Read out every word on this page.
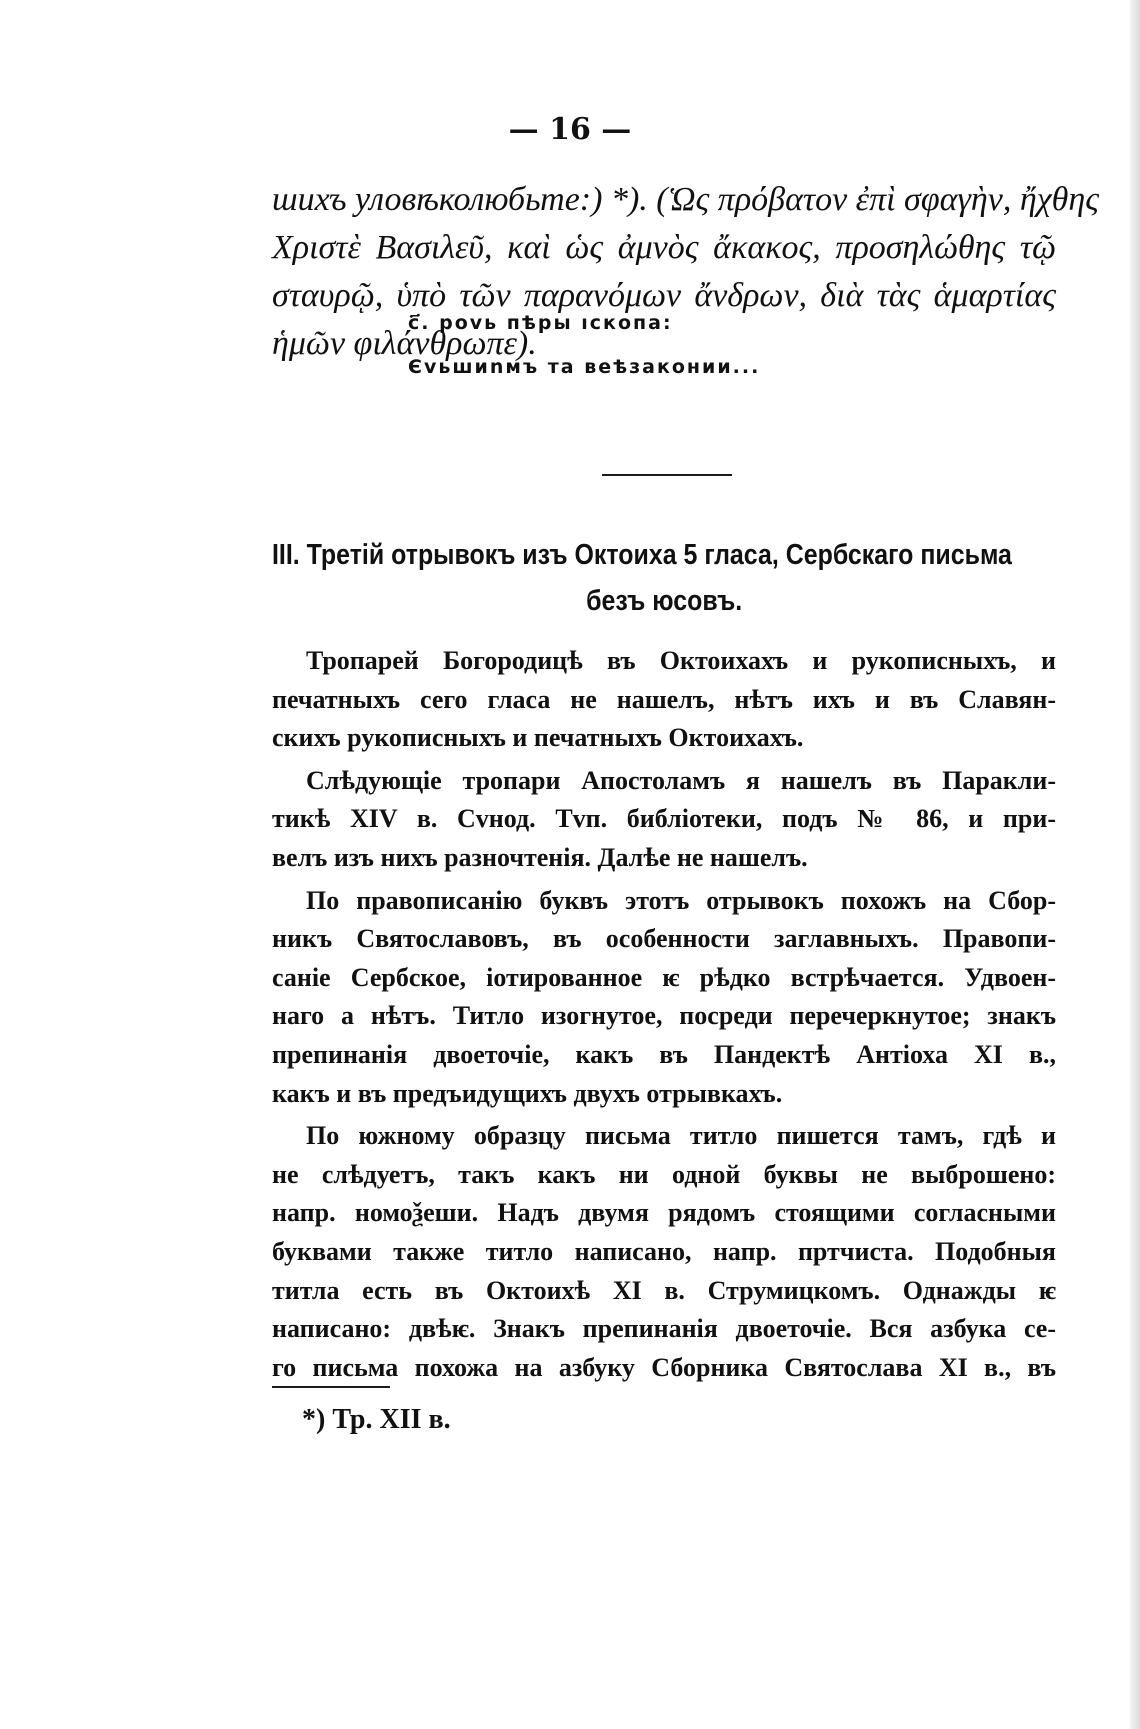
— 16 —
шихъ уловѣколюбьте:) *). (Ὡς πρόβατον ἐπὶ σφαγὴν, ἤχθης
Χριστὲ Βασιλεῦ, καὶ ὡς ἀμνὸς ἄκακος, προσηλώθης τῷ
σταυρῷ, ὑπὸ τῶν παρανόμων ἄνδρων, διὰ τὰς ἁμαρτίας
ἡμῶν φιλάνθρωπε).
с҃. роvь пѣры ıскопа:
Єvьшиnмъ тa веѣзаконии...
III. Третій отрывокъ изъ Октоиха 5 гласа, Сербскаго письма
безъ юсовъ.
Тропарей Богородицѣ въ Октоихахъ и рукописныхъ, и
печатныхъ сего гласа не нашелъ, нѣтъ ихъ и въ Славян-
скихъ рукописныхъ и печатныхъ Октоихахъ.
Слѣдующіе тропари Апостоламъ я нашелъ въ Паракли-
тикѣ XIV в. Сvнод. Тvп. библіотеки, подъ № 86, и при-
велъ изъ нихъ разночтенія. Далѣе не нашелъ.
По правописанію буквъ этотъ отрывокъ похожъ на Сбор-
никъ Святославовъ, въ особенности заглавныхъ. Правопи-
саніе Сербское, іотированное ѥ рѣдко встрѣчается. Удвоен-
наго а нѣтъ. Титло изогнутое, посреди перечеркнутое; знакъ
препинанія двоеточіе, какъ въ Пандектѣ Антіоха XI в.,
какъ и въ предъидущихъ двухъ отрывкахъ.
По южному образцу письма титло пишется тамъ, гдѣ и
не слѣдуетъ, такъ какъ ни одной буквы не выброшено:
напр. номоѯеши. Надъ двумя рядомъ стоящими согласными
буквами также титло написано, напр. пртчиста. Подобныя
титла есть въ Октоихѣ XI в. Струмицкомъ. Однажды ѥ
написано: двѣѥ. Знакъ препинанія двоеточіе. Вся азбука се-
го письма похожа на азбуку Сборника Святослава XI в., въ
*) Тр. XII в.
